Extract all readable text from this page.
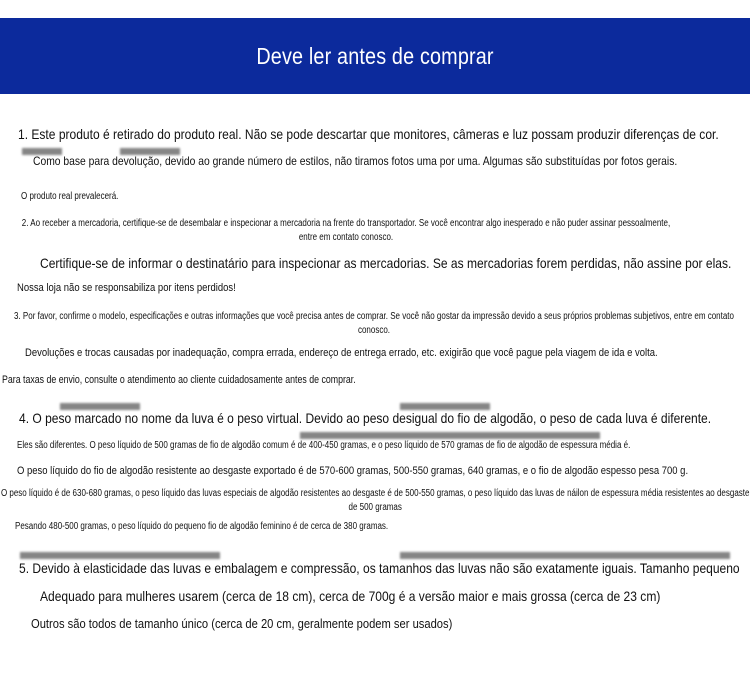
Deve ler antes de comprar
1. Este produto é retirado do produto real. Não se pode descartar que monitores, câmeras e luz possam produzir diferenças de cor.
Como base para devolução, devido ao grande número de estilos, não tiramos fotos uma por uma. Algumas são substituídas por fotos gerais.
O produto real prevalecerá.
2. Ao receber a mercadoria, certifique-se de desembalar e inspecionar a mercadoria na frente do transportador. Se você encontrar algo inesperado e não puder assinar pessoalmente, entre em contato conosco.
Certifique-se de informar o destinatário para inspecionar as mercadorias. Se as mercadorias forem perdidas, não assine por elas.
Nossa loja não se responsabiliza por itens perdidos!
3. Por favor, confirme o modelo, especificações e outras informações que você precisa antes de comprar. Se você não gostar da impressão devido a seus próprios problemas subjetivos, entre em contato conosco.
Devoluções e trocas causadas por inadequação, compra errada, endereço de entrega errado, etc. exigirão que você pague pela viagem de ida e volta.
Para taxas de envio, consulte o atendimento ao cliente cuidadosamente antes de comprar.
4. O peso marcado no nome da luva é o peso virtual. Devido ao peso desigual do fio de algodão, o peso de cada luva é diferente.
Eles são diferentes. O peso líquido de 500 gramas de fio de algodão comum é de 400-450 gramas, e o peso líquido de 570 gramas de fio de algodão de espessura média é.
O peso líquido do fio de algodão resistente ao desgaste exportado é de 570-600 gramas, 500-550 gramas, 640 gramas, e o fio de algodão espesso pesa 700 g.
O peso líquido é de 630-680 gramas, o peso líquido das luvas especiais de algodão resistentes ao desgaste é de 500-550 gramas, o peso líquido das luvas de náilon de espessura média resistentes ao desgaste de 500 gramas
Pesando 480-500 gramas, o peso líquido do pequeno fio de algodão feminino é de cerca de 380 gramas.
5. Devido à elasticidade das luvas e embalagem e compressão, os tamanhos das luvas não são exatamente iguais. Tamanho pequeno
Adequado para mulheres usarem (cerca de 18 cm), cerca de 700g é a versão maior e mais grossa (cerca de 23 cm)
Outros são todos de tamanho único (cerca de 20 cm, geralmente podem ser usados)
